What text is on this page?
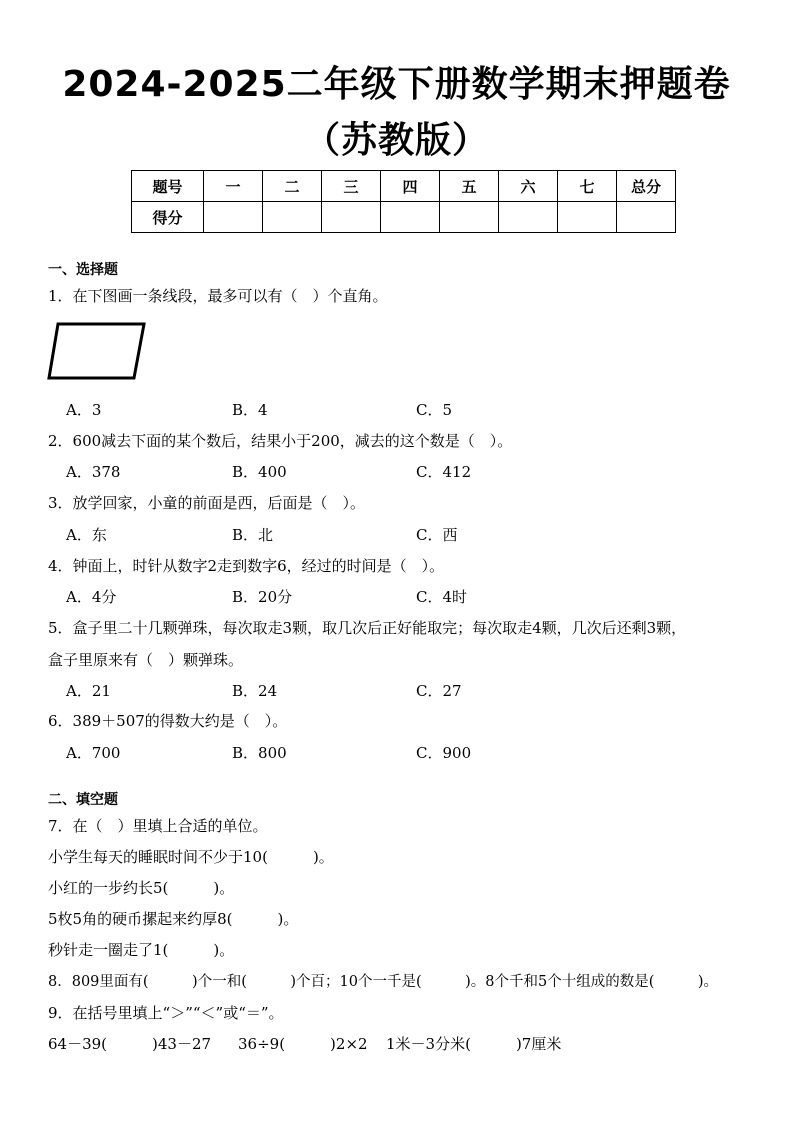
2024-2025二年级下册数学期末押题卷
（苏教版）
题号	一	二	三	四	五	六	七	总分
得分								
一、选择题
1．在下图画一条线段，最多可以有（　）个直角。
A．3	B．4	C．5
2．600减去下面的某个数后，结果小于200，减去的这个数是（　）。
A．378	B．400	C．412
3．放学回家，小童的前面是西，后面是（　）。
A．东	B．北	C．西
4．钟面上，时针从数字2走到数字6，经过的时间是（　）。
A．4分	B．20分	C．4时
5．盒子里二十几颗弹珠，每次取走3颗，取几次后正好能取完；每次取走4颗，几次后还剩3颗，
盒子里原来有（　）颗弹珠。
A．21	B．24	C．27
6．389＋507的得数大约是（　）。
A．700	B．800	C．900
二、填空题
7．在（　）里填上合适的单位。
小学生每天的睡眠时间不少于10(　　　)。
小红的一步约长5(　　　)。
5枚5角的硬币摞起来约厚8(　　　)。
秒针走一圈走了1(　　　)。
8．809里面有(　　　)个一和(　　　)个百；10个一千是(　　　)。8个千和5个十组成的数是(　　　)。
9．在括号里填上“＞”“＜”或“＝”。
64－39(　　　)43－27 36÷9(　　　)2×2 1米－3分米(　　　)7厘米
